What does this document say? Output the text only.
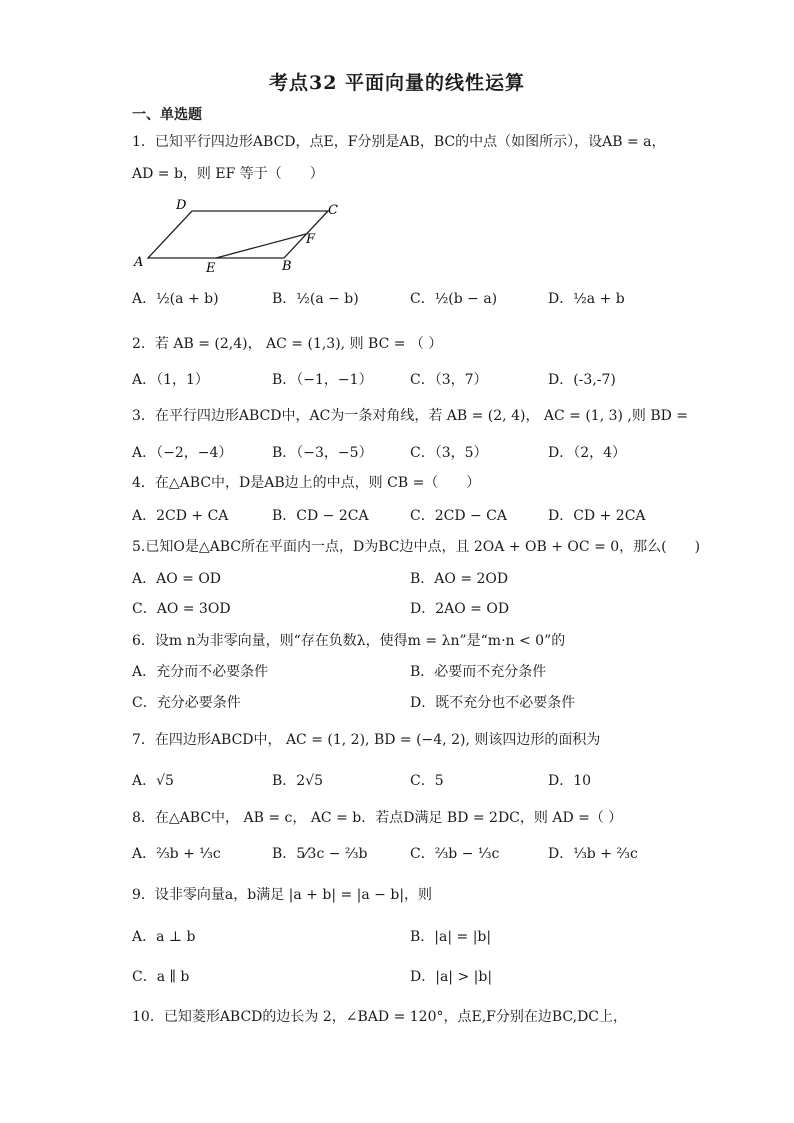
考点32 平面向量的线性运算
一、单选题
1．已知平行四边形ABCD，点E，F分别是AB，BC的中点（如图所示），设AB = a，
AD = b，则 EF 等于（　　）
A
D	C
F
E	B
A．½(a + b)	B．½(a − b)	C．½(b − a)	D．½a + b
2．若 AB = (2,4)， AC = (1,3), 则 BC = （ ）
A．（1，1）	B．（−1，−1）	C．（3，7）	D．(-3,-7)
3．在平行四边形ABCD中，AC为一条对角线，若 AB = (2, 4)， AC = (1, 3) ,则 BD =
A．（−2，−4）	B．（−3，−5）	C．（3，5）	D．（2，4）
4．在△ABC中，D是AB边上的中点，则 CB =（　　）
A．2CD + CA	B．CD − 2CA	C．2CD − CA	D．CD + 2CA
5.已知O是△ABC所在平面内一点，D为BC边中点，且 2OA + OB + OC = 0，那么(　　)
A．AO = OD	B．AO = 2OD
C．AO = 3OD	D．2AO = OD
6．设m n为非零向量，则“存在负数λ，使得m = λn”是“m·n < 0”的
A．充分而不必要条件	B．必要而不充分条件
C．充分必要条件	D．既不充分也不必要条件
7．在四边形ABCD中， AC = (1, 2), BD = (−4, 2), 则该四边形的面积为
A．√5	B．2√5	C．5	D．10
8．在△ABC中， AB = c， AC = b．若点D满足 BD = 2DC，则 AD =（ ）
A．⅔b + ⅓c	B．5⁄3c − ⅔b	C．⅔b − ⅓c	D．⅓b + ⅔c
9．设非零向量a，b满足 |a + b| = |a − b|，则
A．a ⊥ b	B．|a| = |b|
C．a ∥ b	D．|a| > |b|
10．已知菱形ABCD的边长为 2，∠BAD = 120°，点E,F分别在边BC,DC上，
